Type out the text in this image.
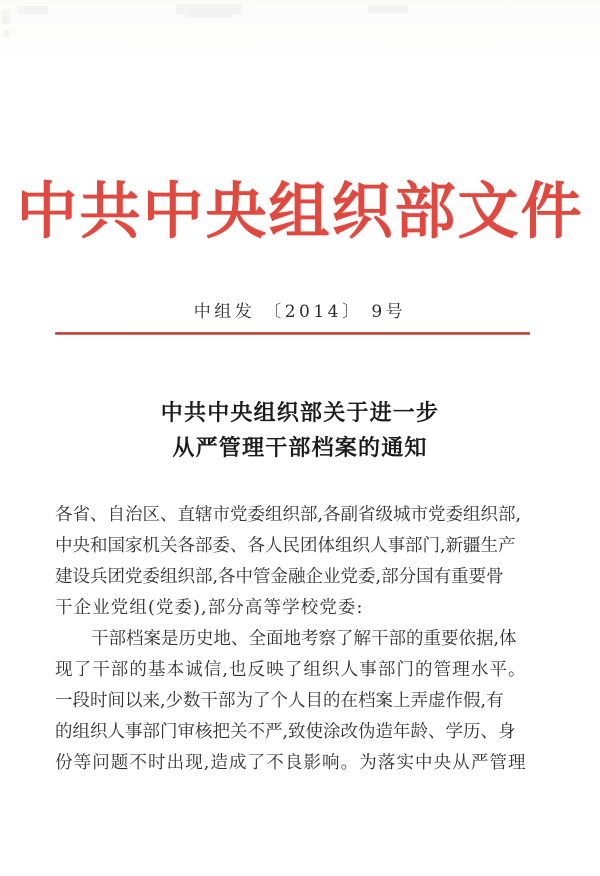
中共中央组织部文件
中组发 〔2014〕 9号
中共中央组织部关于进一步
从严管理干部档案的通知
各省、自治区、直辖市党委组织部,各副省级城市党委组织部,
中央和国家机关各部委、各人民团体组织人事部门,新疆生产
建设兵团党委组织部,各中管金融企业党委,部分国有重要骨
干企业党组(党委),部分高等学校党委:
干部档案是历史地、全面地考察了解干部的重要依据,体
现了干部的基本诚信,也反映了组织人事部门的管理水平。
一段时间以来,少数干部为了个人目的在档案上弄虚作假,有
的组织人事部门审核把关不严,致使涂改伪造年龄、学历、身
份等问题不时出现,造成了不良影响。为落实中央从严管理
